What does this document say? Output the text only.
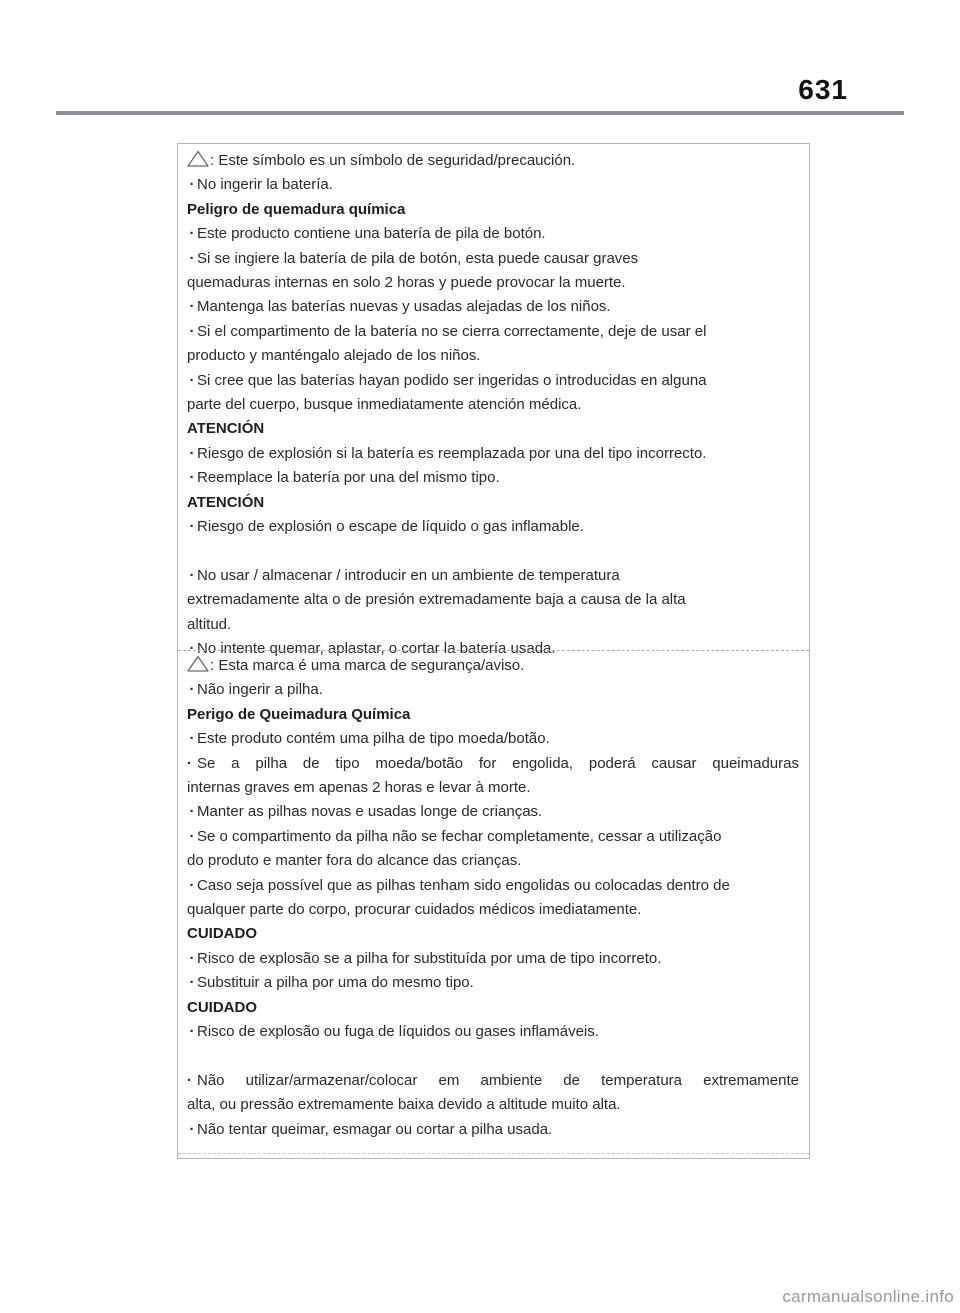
631

: Este símbolo es un símbolo de seguridad/precaución.

· No ingerir la batería.

Peligro de quemadura química

· Este producto contiene una batería de pila de botón.

· Si se ingiere la batería de pila de botón, esta puede causar graves

quemaduras internas en solo 2 horas y puede provocar la muerte.

· Mantenga las baterías nuevas y usadas alejadas de los niños.

· Si el compartimento de la batería no se cierra correctamente, deje de usar el

producto y manténgalo alejado de los niños.

· Si cree que las baterías hayan podido ser ingeridas o introducidas en alguna

parte del cuerpo, busque inmediatamente atención médica.

ATENCIÓN

· Riesgo de explosión si la batería es reemplazada por una del tipo incorrecto.

· Reemplace la batería por una del mismo tipo.

ATENCIÓN

· Riesgo de explosión o escape de líquido o gas inflamable.

· No usar / almacenar / introducir en un ambiente de temperatura

extremadamente alta o de presión extremadamente baja a causa de la alta

altitud.

· No intente quemar, aplastar, o cortar la batería usada.

: Esta marca é uma marca de segurança/aviso.

· Não ingerir a pilha.

Perigo de Queimadura Química

· Este produto contém uma pilha de tipo moeda/botão.

· Se a pilha de tipo moeda/botão for engolida, poderá causar queimaduras

internas graves em apenas 2 horas e levar à morte.

· Manter as pilhas novas e usadas longe de crianças.

· Se o compartimento da pilha não se fechar completamente, cessar a utilização

do produto e manter fora do alcance das crianças.

· Caso seja possível que as pilhas tenham sido engolidas ou colocadas dentro de

qualquer parte do corpo, procurar cuidados médicos imediatamente.

CUIDADO

· Risco de explosão se a pilha for substituída por uma de tipo incorreto.

· Substituir a pilha por uma do mesmo tipo.

CUIDADO

· Risco de explosão ou fuga de líquidos ou gases inflamáveis.

· Não utilizar/armazenar/colocar em ambiente de temperatura extremamente

alta, ou pressão extremamente baixa devido a altitude muito alta.

· Não tentar queimar, esmagar ou cortar a pilha usada.

carmanualsonline.info
